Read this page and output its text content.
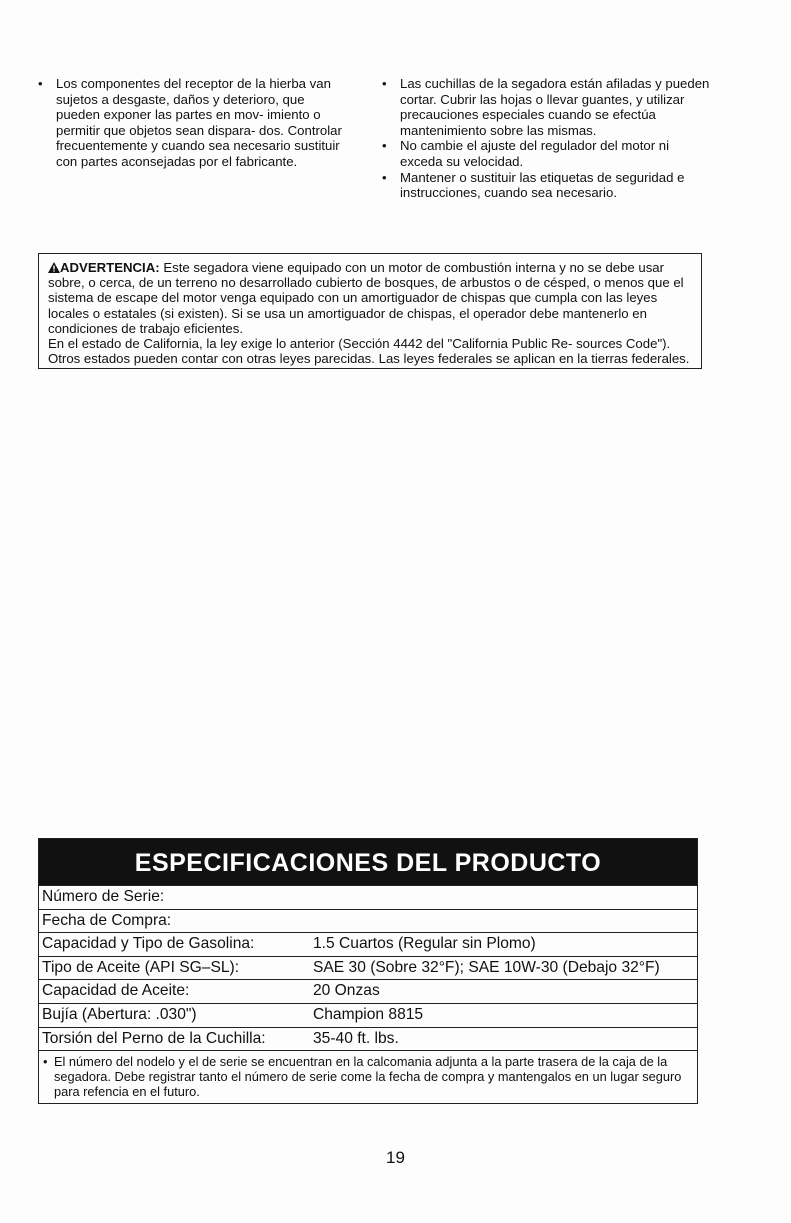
• Los componentes del receptor de la hierba van sujetos a desgaste, daños y deterioro, que pueden exponer las partes en mov- imiento o permitir que objetos sean dispara- dos. Controlar frecuentemente y cuando sea necesario sustituir con partes aconsejadas por el fabricante.
• Las cuchillas de la segadora están afiladas y pueden cortar. Cubrir las hojas o llevar guantes, y utilizar precauciones especiales cuando se efectúa mantenimiento sobre las mismas.
• No cambie el ajuste del regulador del motor ni exceda su velocidad.
• Mantener o sustituir las etiquetas de seguridad e instrucciones, cuando sea necesario.
ADVERTENCIA: Este segadora viene equipado con un motor de combustión interna y no se debe usar sobre, o cerca, de un terreno no desarrollado cubierto de bosques, de arbustos o de césped, o menos que el sistema de escape del motor venga equipado con un amortiguador de chispas que cumpla con las leyes locales o estatales (si existen). Si se usa un amortiguador de chispas, el operador debe mantenerlo en condiciones de trabajo eficientes.
En el estado de California, la ley exige lo anterior (Sección 4442 del "California Public Re- sources Code"). Otros estados pueden contar con otras leyes parecidas. Las leyes federales se aplican en la tierras federales.
ESPECIFICACIONES DEL PRODUCTO
Número de Serie:
Fecha de Compra:
Capacidad y Tipo de Gasolina:	1.5 Cuartos (Regular sin Plomo)
Tipo de Aceite (API SG–SL):	SAE 30 (Sobre 32°F); SAE 10W-30 (Debajo 32°F)
Capacidad de Aceite:	20 Onzas
Bujía (Abertura: .030")	Champion 8815
Torsión del Perno de la Cuchilla:	35-40 ft. lbs.
• El número del nodelo y el de serie se encuentran en la calcomania adjunta a la parte trasera de la caja de la segadora. Debe registrar tanto el número de serie come la fecha de compra y mantengalos en un lugar seguro para refencia en el futuro.
19
